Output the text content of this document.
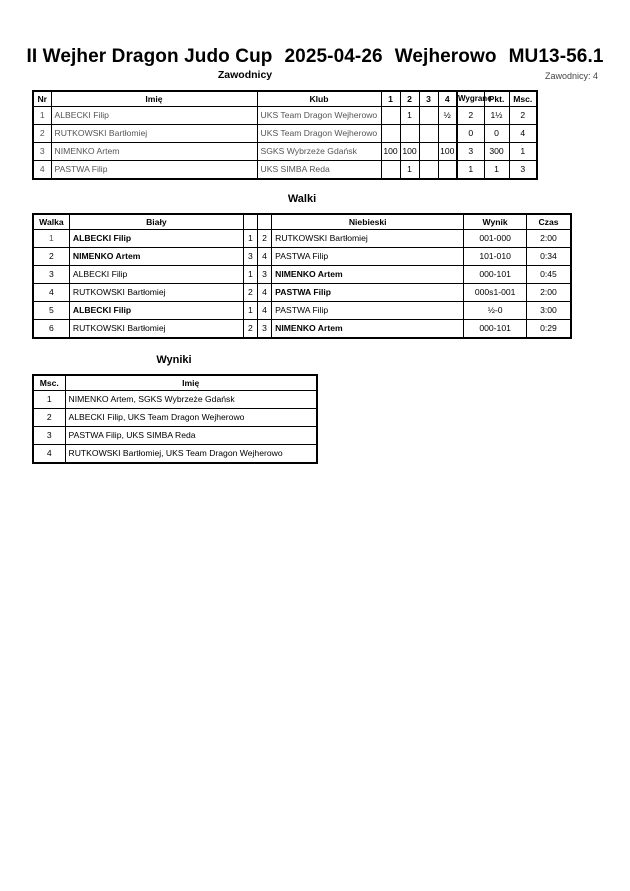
II Wejher Dragon Judo Cup 2025-04-26 Wejherowo MU13-56.1
Zawodnicy	Zawodnicy: 4
Nr	Imię	Klub	1	2	3	4	Wygrane	Pkt.	Msc.
1	ALBECKI Filip	UKS Team Dragon Wejherowo		1		½	2	1½	2
2	RUTKOWSKI Bartłomiej	UKS Team Dragon Wejherowo					0	0	4
3	NIMENKO Artem	SGKS Wybrzeże Gdańsk	100	100		100	3	300	1
4	PASTWA Filip	UKS SIMBA Reda		1			1	1	3
Walki
Walka	Biały			Niebieski	Wynik	Czas
1	ALBECKI Filip	1	2	RUTKOWSKI Bartłomiej	001-000	2:00
2	NIMENKO Artem	3	4	PASTWA Filip	101-010	0:34
3	ALBECKI Filip	1	3	NIMENKO Artem	000-101	0:45
4	RUTKOWSKI Bartłomiej	2	4	PASTWA Filip	000s1-001	2:00
5	ALBECKI Filip	1	4	PASTWA Filip	½-0	3:00
6	RUTKOWSKI Bartłomiej	2	3	NIMENKO Artem	000-101	0:29
Wyniki
Msc.	Imię
1	NIMENKO Artem, SGKS Wybrzeże Gdańsk
2	ALBECKI Filip, UKS Team Dragon Wejherowo
3	PASTWA Filip, UKS SIMBA Reda
4	RUTKOWSKI Bartłomiej, UKS Team Dragon Wejherowo
